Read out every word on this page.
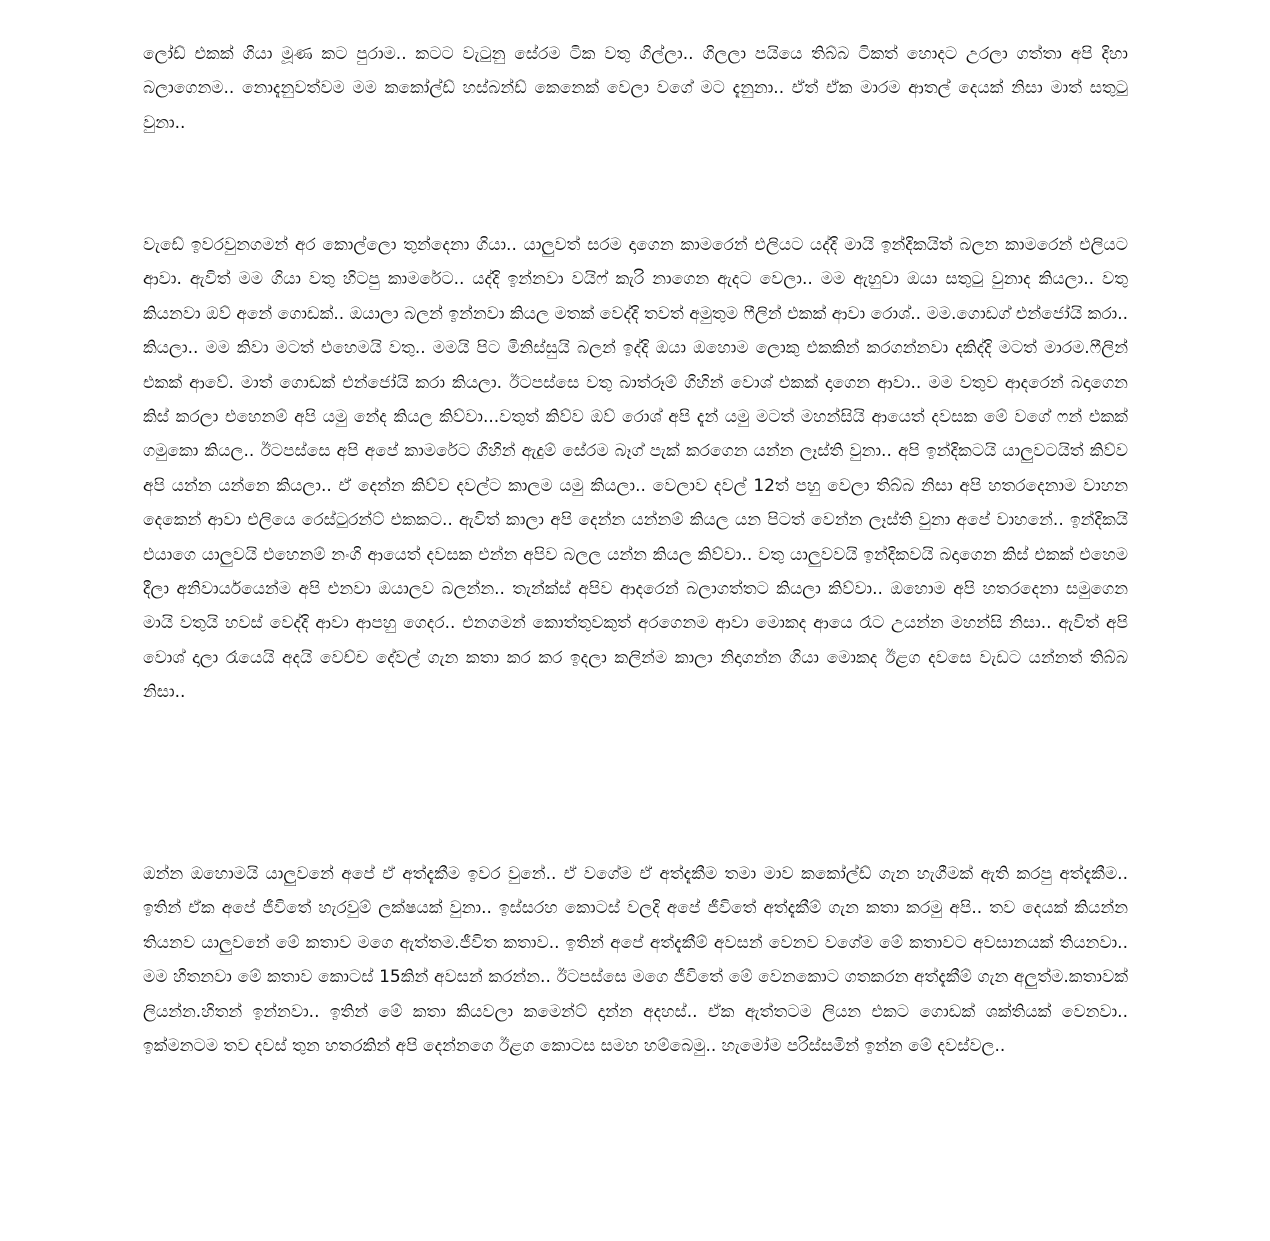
ලෝඩ් එකක් ගියා මූණ කට පුරාම.. කටට වැටුනු සේරම ටික වතු ගිල්ලා.. ගිලලා පයියෙ තිබ්බ ටිකත් හොදට උරලා ගත්තා අපි දිහා බලාගෙනම.. නොදැනුවත්වම මම කකෝල්ඩ් හස්බන්ඩ් කෙනෙක් වෙලා වගේ මට දැනුනා.. ඒත් ඒක මාරම ආතල් දෙයක් නිසා මාත් සතුටු වුනා..

වැඩේ ඉවරවුනගමන් අර කොල්ලො තුන්දෙනා ගියා.. යාලුවත් සරම දාගෙන කාමරෙන් එලියට යද්දි මායි ඉන්දිකයිත් බලන කාමරෙන් එලියට ආවා. ඇවිත් මම ගියා වතු හිටපු කාමරේට.. යද්දි ඉන්නවා වයිෆ් කැරි නාගෙන ඇදට වෙලා.. මම ඇහුවා ඔයා සතුටු වුනාද කියලා.. වතු කියනවා ඔව් අනේ ගොඩක්.. ඔයාලා බලන් ඉන්නවා කියල මතක් වෙද්දි තවත් අමුතුම ෆීලින් එකක් ආවා රොශ්.. මම.ගොඩග් එන්ජෝයි කරා.. කියලා.. මම කිවා මටත් එහෙමයි වතු.. මමයි පිට මිනිස්සුයි බලන් ඉද්දි ඔයා ඔහොම ලොකු එකකින් කරගන්නවා දකිද්දි මටත් මාරම.ෆීලින් එකක් ආවේ. මාත් ගොඩක් එන්ජෝයි කරා කියලා. ඊටපස්සෙ වතු බාත්රූම් ගිහින් වොශ් එකක් දාගෙන ආවා.. මම වතුව ආදරෙන් බදාගෙන කිස් කරලා එහෙනම් අපි යමු නේද කියල කිව්වා...වතුත් කිව්ව ඔව් රොශ් අපි දැන් යමු මටත් මහන්සියි ආයෙත් දවසක මේ වගේ ෆන් එකක් ගමුකො කියල.. ඊටපස්සෙ අපි අපේ කාමරේට ගිහින් ඇදුම් සේරම බෑග් පැක් කරගෙන යන්න ලෑස්ති වුනා.. අපි ඉන්දිකටයි යාලුවටයිත් කිව්ව අපි යන්න යන්නෙ කියලා.. ඒ දෙන්න කිව්ව දවල්ට කාලම යමු කියලා.. වෙලාව දවල් 12ත් පහු වෙලා තිබ්බ නිසා අපි හතරදෙනාම වාහන දෙකෙන් ආවා එලියෙ රෙස්ටුරන්ට් එකකට.. ඇවිත් කාලා අපි දෙන්න යන්නම් කියල යන පිටත් වෙන්න ලෑස්ති වුනා අපේ වාහනේ.. ඉන්දිකයි එයාගෙ යාලුවයි එහෙනම් නංගි ආයෙත් දවසක එන්න අපිව බලල යන්න කියල කිව්වා.. වතු යාලුවවයි ඉන්දිකවයි බදාගෙන කිස් එකක් එහෙම දීලා අනිවාර්යයෙන්ම අපි එනවා ඔයාලව බලන්න.. තැන්ක්ස් අපිව ආදරෙන් බලාගත්තට කියලා කිව්වා.. ඔහොම අපි හතරදෙනා සමුගෙන මායි වතුයි හවස් වෙද්දි ආවා ආපහු ගෙදර.. එනගමන් කොත්තුවකුත් අරගෙනම ආවා මොකද ආයෙ රෑට උයන්න මහන්සි නිසා.. ඇවිත් අපි වොශ් දාලා රෑයෙයි අදයි වෙච්ච දේවල් ගැන කතා කර කර ඉදලා කලින්ම කාලා නිදාගන්න ගියා මොකද ඊළග දවසෙ වැඩට යන්නත් තිබ්බ නිසා..

ඔන්න ඔහොමයි යාලුවනේ අපේ ඒ අත්දැකීම ඉවර වුනේ.. ඒ වගේම ඒ අත්දැකීම තමා මාව කකෝල්ඩ් ගැන හැගීමක් ඇති කරපු අත්දැකීම.. ඉතින් ඒක අපේ ජීවිතේ හැරවුම් ලක්ෂයක් වුනා.. ඉස්සරහ කොටස් වලදි අපේ ජීවිතේ අත්දැකීම් ගැන කතා කරමු අපි.. තව දෙයක් කියන්න තියනව යාලුවනේ මේ කතාව මගෙ ඇත්තම.ජීවිත කතාව.. ඉතින් අපේ අත්දැකීම් අවසන් වෙනව වගේම මේ කතාවට අවසානයක් තියනවා.. මම හිතනවා මේ කතාව කොටස් 15කින් අවසන් කරන්න.. ඊටපස්සෙ මගෙ ජීවිතේ මේ වෙනකොට ගතකරන අත්දැකීම් ගැන අලුත්ම.කතාවක් ලියන්න.හිතන් ඉන්නවා.. ඉතින් මේ කතා කියවලා කමෙන්ට් දාන්න අදහස්.. ඒක ඇත්තටම ලියන එකට ගොඩක් ශක්තියක් වෙනවා.. ඉක්මනටම තව දවස් තුන හතරකින් අපි දෙන්නගෙ ඊළග කොටස සමහ හම්බෙමු.. හැමෝම පරිස්සමින් ඉන්න මේ දවස්වල..
